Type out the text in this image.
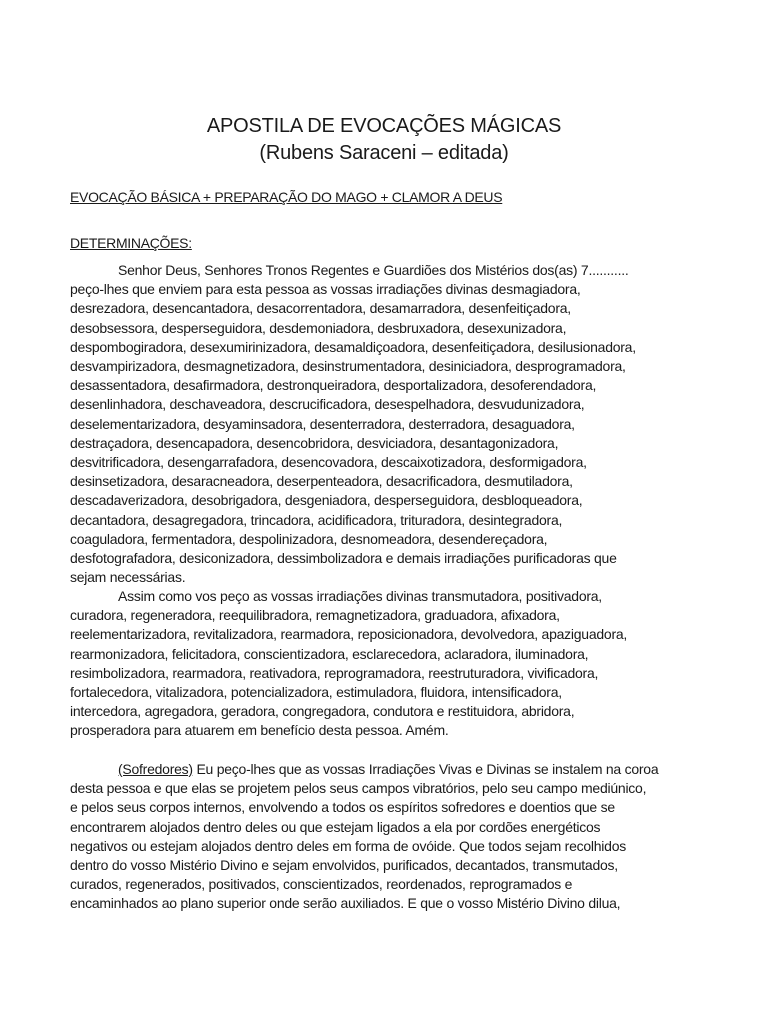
APOSTILA DE EVOCAÇÕES MÁGICAS
(Rubens Saraceni – editada)
EVOCAÇÃO BÁSICA + PREPARAÇÃO DO MAGO + CLAMOR A DEUS
DETERMINAÇÕES:
Senhor Deus, Senhores Tronos Regentes e Guardiões dos Mistérios dos(as) 7...........
peço-lhes que enviem para esta pessoa as vossas irradiações divinas desmagiadora,
desrezadora, desencantadora, desacorrentadora, desamarradora, desenfeitiçadora,
desobsessora, desperseguidora, desdemoniadora, desbruxadora, desexunizadora,
despombogiradora, desexumirinizadora, desamaldiçoadora, desenfeitiçadora, desilusionadora,
desvampirizadora, desmagnetizadora, desinstrumentadora, desiniciadora, desprogramadora,
desassentadora, desafirmadora, destronqueiradora, desportalizadora, desoferendadora,
desenlinhadora, deschaveadora, descrucificadora, desespelhadora, desvudunizadora,
deselementarizadora, desyaminsadora, desenterradora, desterradora, desaguadora,
destraçadora, desencapadora, desencobridora, desviciadora, desantagonizadora,
desvitrificadora, desengarrafadora, desencovadora, descaixotizadora, desformigadora,
desinsetizadora, desaracneadora, deserpenteadora, desacrificadora, desmutiladora,
descadaverizadora, desobrigadora, desgeniadora, desperseguidora, desbloqueadora,
decantadora, desagregadora, trincadora, acidificadora, trituradora, desintegradora,
coaguladora, fermentadora, despolinizadora, desnomeadora, desendereçadora,
desfotografadora, desiconizadora, dessimbolizadora e demais irradiações purificadoras que
sejam necessárias.
Assim como vos peço as vossas irradiações divinas transmutadora, positivadora,
curadora, regeneradora, reequilibradora, remagnetizadora, graduadora, afixadora,
reelementarizadora, revitalizadora, rearmadora, reposicionadora, devolvedora, apaziguadora,
rearmonizadora, felicitadora, conscientizadora, esclarecedora, aclaradora, iluminadora,
resimbolizadora, rearmadora, reativadora, reprogramadora, reestruturadora, vivificadora,
fortalecedora, vitalizadora, potencializadora, estimuladora, fluidora, intensificadora,
intercedora, agregadora, geradora, congregadora, condutora e restituidora, abridora,
prosperadora para atuarem em benefício desta pessoa. Amém.
(Sofredores) Eu peço-lhes que as vossas Irradiações Vivas e Divinas se instalem na coroa
desta pessoa e que elas se projetem pelos seus campos vibratórios, pelo seu campo mediúnico,
e pelos seus corpos internos, envolvendo a todos os espíritos sofredores e doentios que se
encontrarem alojados dentro deles ou que estejam ligados a ela por cordões energéticos
negativos ou estejam alojados dentro deles em forma de ovóide. Que todos sejam recolhidos
dentro do vosso Mistério Divino e sejam envolvidos, purificados, decantados, transmutados,
curados, regenerados, positivados, conscientizados, reordenados, reprogramados e
encaminhados ao plano superior onde serão auxiliados. E que o vosso Mistério Divino dilua,
